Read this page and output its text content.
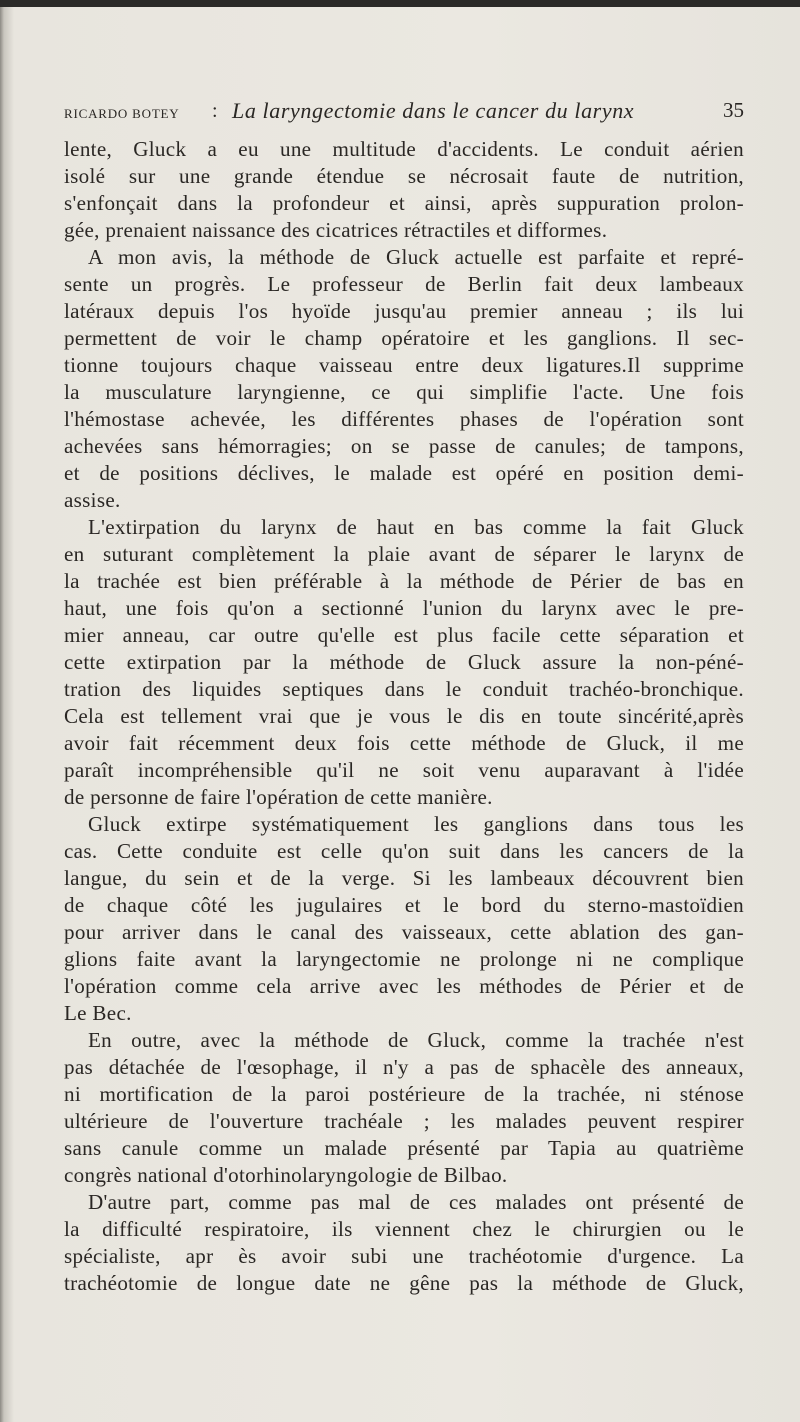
RICARDO BOTEY : La laryngectomie dans le cancer du larynx	35
lente, Gluck a eu une multitude d'accidents. Le conduit aérien
isolé sur une grande étendue se nécrosait faute de nutrition,
s'enfonçait dans la profondeur et ainsi, après suppuration prolon-
gée, prenaient naissance des cicatrices rétractiles et difformes.
A mon avis, la méthode de Gluck actuelle est parfaite et repré-
sente un progrès. Le professeur de Berlin fait deux lambeaux
latéraux depuis l'os hyoïde jusqu'au premier anneau ; ils lui
permettent de voir le champ opératoire et les ganglions. Il sec-
tionne toujours chaque vaisseau entre deux ligatures.Il supprime
la musculature laryngienne, ce qui simplifie l'acte. Une fois
l'hémostase achevée, les différentes phases de l'opération sont
achevées sans hémorragies; on se passe de canules; de tampons,
et de positions déclives, le malade est opéré en position demi-
assise.
L'extirpation du larynx de haut en bas comme la fait Gluck
en suturant complètement la plaie avant de séparer le larynx de
la trachée est bien préférable à la méthode de Périer de bas en
haut, une fois qu'on a sectionné l'union du larynx avec le pre-
mier anneau, car outre qu'elle est plus facile cette séparation et
cette extirpation par la méthode de Gluck assure la non-péné-
tration des liquides septiques dans le conduit trachéo-bronchique.
Cela est tellement vrai que je vous le dis en toute sincérité,après
avoir fait récemment deux fois cette méthode de Gluck, il me
paraît incompréhensible qu'il ne soit venu auparavant à l'idée
de personne de faire l'opération de cette manière.
Gluck extirpe systématiquement les ganglions dans tous les
cas. Cette conduite est celle qu'on suit dans les cancers de la
langue, du sein et de la verge. Si les lambeaux découvrent bien
de chaque côté les jugulaires et le bord du sterno-mastoïdien
pour arriver dans le canal des vaisseaux, cette ablation des gan-
glions faite avant la laryngectomie ne prolonge ni ne complique
l'opération comme cela arrive avec les méthodes de Périer et de
Le Bec.
En outre, avec la méthode de Gluck, comme la trachée n'est
pas détachée de l'œsophage, il n'y a pas de sphacèle des anneaux,
ni mortification de la paroi postérieure de la trachée, ni sténose
ultérieure de l'ouverture trachéale ; les malades peuvent respirer
sans canule comme un malade présenté par Tapia au quatrième
congrès national d'otorhinolaryngologie de Bilbao.
D'autre part, comme pas mal de ces malades ont présenté de
la difficulté respiratoire, ils viennent chez le chirurgien ou le
spécialiste, apr ès avoir subi une trachéotomie d'urgence. La
trachéotomie de longue date ne gêne pas la méthode de Gluck,
